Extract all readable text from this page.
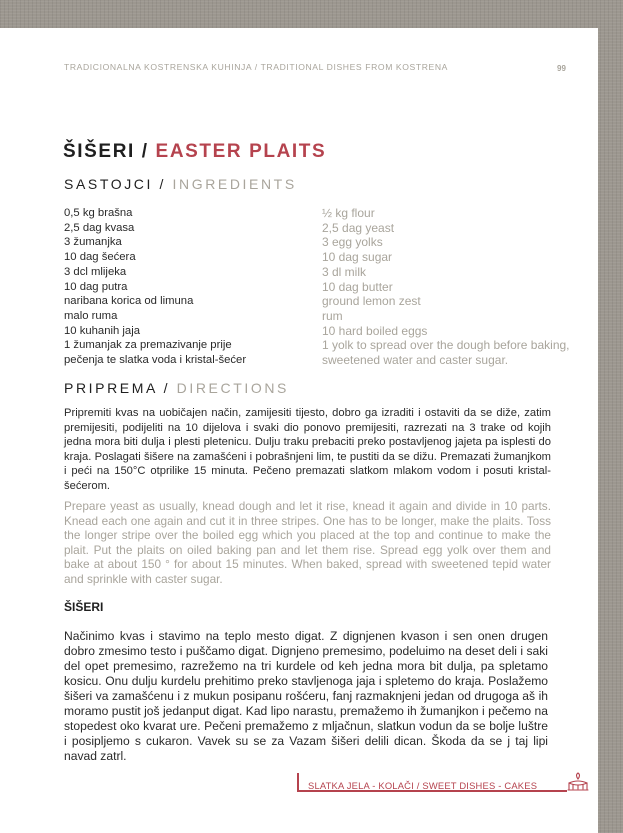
TRADICIONALNA KOSTRENSKA KUHINJA / TRADITIONAL DISHES FROM KOSTRENA	99
ŠIŠERI / EASTER PLAITS
SASTOJCI / INGREDIENTS
0,5 kg brašna
2,5 dag kvasa
3 žumanjka
10 dag šećera
3 dcl mlijeka
10 dag putra
naribana korica od limuna
malo ruma
10 kuhanih jaja
1 žumanjak za premazivanje prije
pečenja te slatka voda i kristal-šećer
½ kg flour
2,5 dag yeast
3 egg yolks
10 dag sugar
3 dl milk
10 dag butter
ground lemon zest
rum
10 hard boiled eggs
1 yolk to spread over the dough before baking,
sweetened water and caster sugar.
PRIPREMA / DIRECTIONS

Pripremiti kvas na uobičajen način, zamijesiti tijesto, dobro ga izraditi i ostaviti da se diže, zatim premijesiti, podijeliti na 10 dijelova i svaki dio ponovo premijesiti, razrezati na 3 trake od kojih jedna mora biti dulja i plesti pletenicu. Dulju traku prebaciti preko postavljenog jajeta pa isplesti do kraja. Poslagati šišere na zamašćeni i pobrašnjeni lim, te pustiti da se dižu. Premazati žumanjkom i peći na 150°C otprilike 15 minuta. Pečeno premazati slatkom mlakom vodom i posuti kristal-šećerom.

Prepare yeast as usually, knead dough and let it rise, knead it again and divide in 10 parts. Knead each one again and cut it in three stripes. One has to be longer, make the plaits. Toss the longer stripe over the boiled egg which you placed at the top and continue to make the plait. Put the plaits on oiled baking pan and let them rise. Spread egg yolk over them and bake at about 150 ° for about 15 minutes. When baked, spread with sweetened tepid water and sprinkle with caster sugar.

ŠIŠERI

Načinimo kvas i stavimo na teplo mesto digat. Z dignjenen kvason i sen onen drugen dobro zmesimo testo i puščamo digat. Dignjeno premesimo, podeluimo na deset deli i saki del opet premesimo, razrežemo na tri kurdele od keh jedna mora bit dulja, pa spletamo kosicu. Onu dulju kurdelu prehitimo preko stavljenoga jaja i spletemo do kraja. Poslažemo šišeri va zamašćenu i z mukun posipanu rošćeru, fanj razmaknjeni jedan od drugoga aš ih moramo pustit još jedanput digat. Kad lipo narastu, premažemo ih žumanjkon i pečemo na stopedest oko kvarat ure. Pečeni premažemo z mljačnun, slatkun vodun da se bolje luštre i posipljemo s cukaron. Vavek su se za Vazam šišeri delili dican. Škoda da se j taj lipi navad zatrl.

SLATKA JELA - KOLAČI / SWEET DISHES - CAKES
